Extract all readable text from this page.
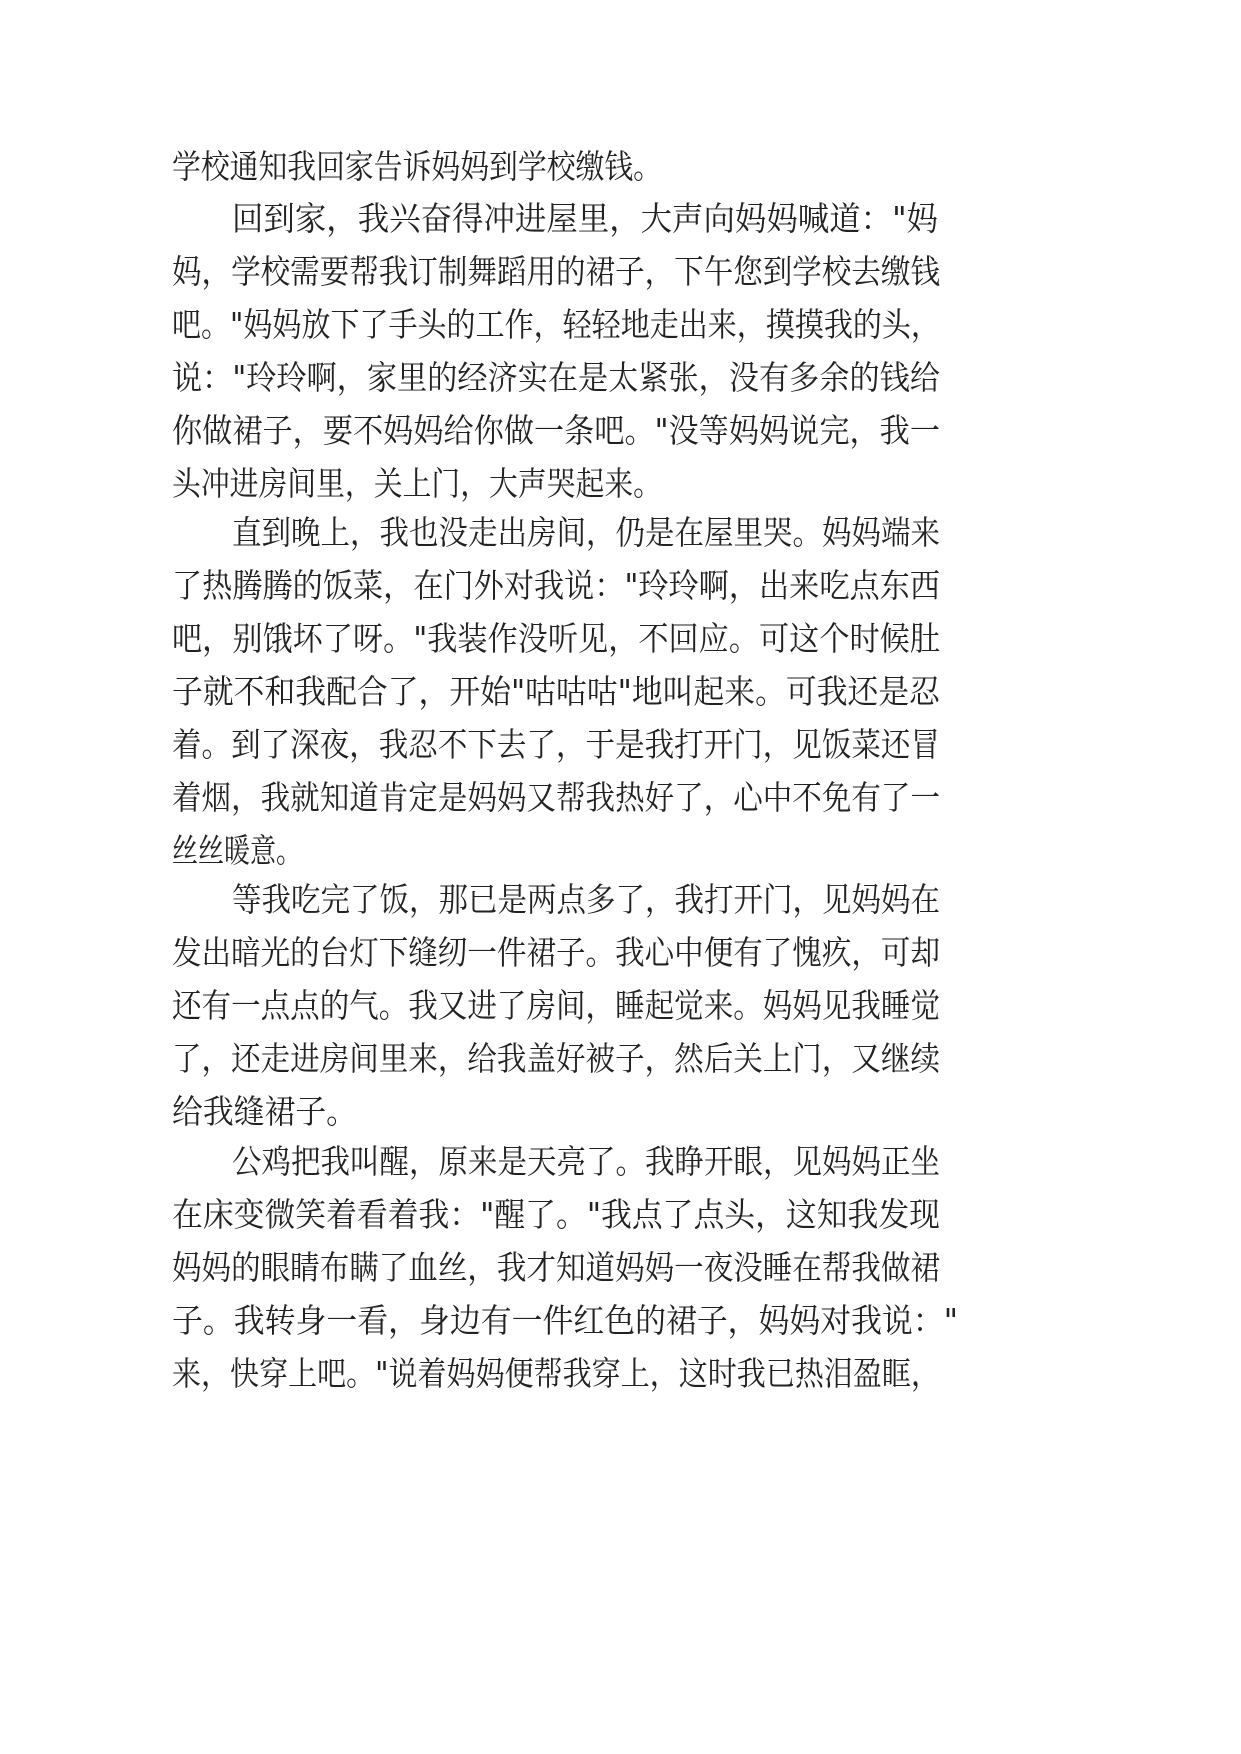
学校通知我回家告诉妈妈到学校缴钱。
回到家，我兴奋得冲进屋里，大声向妈妈喊道："妈
妈，学校需要帮我订制舞蹈用的裙子，下午您到学校去缴钱
吧。"妈妈放下了手头的工作，轻轻地走出来，摸摸我的头，
说："玲玲啊，家里的经济实在是太紧张，没有多余的钱给
你做裙子，要不妈妈给你做一条吧。"没等妈妈说完，我一
头冲进房间里，关上门，大声哭起来。
直到晚上，我也没走出房间，仍是在屋里哭。妈妈端来
了热腾腾的饭菜，在门外对我说："玲玲啊，出来吃点东西
吧，别饿坏了呀。"我装作没听见，不回应。可这个时候肚
子就不和我配合了，开始"咕咕咕"地叫起来。可我还是忍
着。到了深夜，我忍不下去了，于是我打开门，见饭菜还冒
着烟，我就知道肯定是妈妈又帮我热好了，心中不免有了一
丝丝暖意。
等我吃完了饭，那已是两点多了，我打开门，见妈妈在
发出暗光的台灯下缝纫一件裙子。我心中便有了愧疚，可却
还有一点点的气。我又进了房间，睡起觉来。妈妈见我睡觉
了，还走进房间里来，给我盖好被子，然后关上门，又继续
给我缝裙子。
公鸡把我叫醒，原来是天亮了。我睁开眼，见妈妈正坐
在床变微笑着看着我："醒了。"我点了点头，这知我发现
妈妈的眼睛布瞒了血丝，我才知道妈妈一夜没睡在帮我做裙
子。我转身一看，身边有一件红色的裙子，妈妈对我说："
来，快穿上吧。"说着妈妈便帮我穿上，这时我已热泪盈眶，
